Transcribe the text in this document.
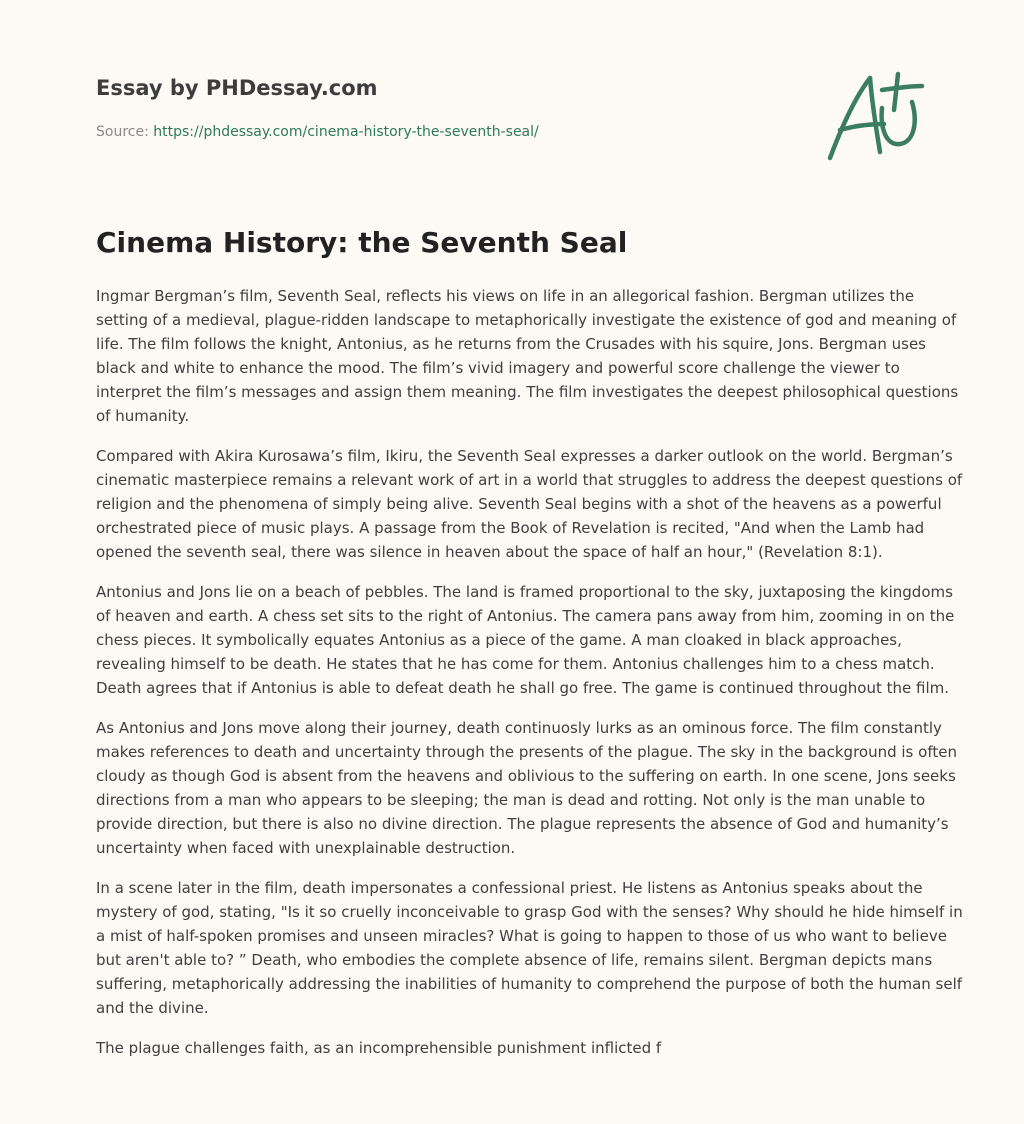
Essay by PHDessay.com
Source: https://phdessay.com/cinema-history-the-seventh-seal/
Cinema History: the Seventh Seal

Ingmar Bergman’s film, Seventh Seal, reflects his views on life in an allegorical fashion. Bergman utilizes the setting of a medieval, plague-ridden landscape to metaphorically investigate the existence of god and meaning of life. The film follows the knight, Antonius, as he returns from the Crusades with his squire, Jons. Bergman uses black and white to enhance the mood. The film’s vivid imagery and powerful score challenge the viewer to interpret the film’s messages and assign them meaning. The film investigates the deepest philosophical questions of humanity.

Compared with Akira Kurosawa’s film, Ikiru, the Seventh Seal expresses a darker outlook on the world. Bergman’s cinematic masterpiece remains a relevant work of art in a world that struggles to address the deepest questions of religion and the phenomena of simply being alive. Seventh Seal begins with a shot of the heavens as a powerful orchestrated piece of music plays. A passage from the Book of Revelation is recited, "And when the Lamb had opened the seventh seal, there was silence in heaven about the space of half an hour," (Revelation 8:1).

Antonius and Jons lie on a beach of pebbles. The land is framed proportional to the sky, juxtaposing the kingdoms of heaven and earth. A chess set sits to the right of Antonius. The camera pans away from him, zooming in on the chess pieces. It symbolically equates Antonius as a piece of the game. A man cloaked in black approaches, revealing himself to be death. He states that he has come for them. Antonius challenges him to a chess match. Death agrees that if Antonius is able to defeat death he shall go free. The game is continued throughout the film.

As Antonius and Jons move along their journey, death continuosly lurks as an ominous force. The film constantly makes references to death and uncertainty through the presents of the plague. The sky in the background is often cloudy as though God is absent from the heavens and oblivious to the suffering on earth. In one scene, Jons seeks directions from a man who appears to be sleeping; the man is dead and rotting. Not only is the man unable to provide direction, but there is also no divine direction. The plague represents the absence of God and humanity’s uncertainty when faced with unexplainable destruction.

In a scene later in the film, death impersonates a confessional priest. He listens as Antonius speaks about the mystery of god, stating, "Is it so cruelly inconceivable to grasp God with the senses? Why should he hide himself in a mist of half-spoken promises and unseen miracles? What is going to happen to those of us who want to believe but aren't able to? ” Death, who embodies the complete absence of life, remains silent. Bergman depicts mans suffering, metaphorically addressing the inabilities of humanity to comprehend the purpose of both the human self and the divine.

The plague challenges faith, as an incomprehensible punishment inflicted f
